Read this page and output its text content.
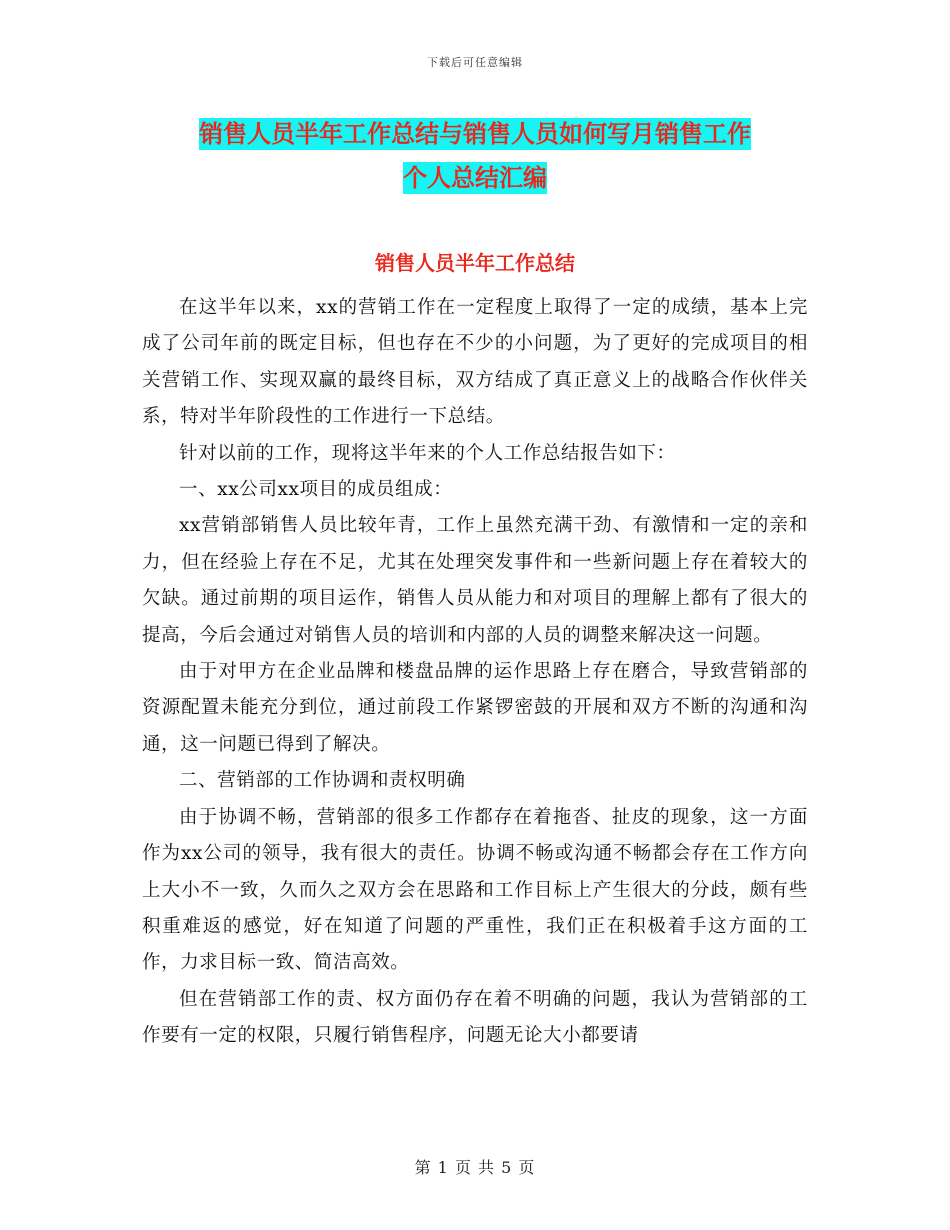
下载后可任意编辑
销售人员半年工作总结与销售人员如何写月销售工作
个人总结汇编
销售人员半年工作总结

在这半年以来，xx的营销工作在一定程度上取得了一定的成绩，基本上完成了公司年前的既定目标，但也存在不少的小问题，为了更好的完成项目的相关营销工作、实现双赢的最终目标，双方结成了真正意义上的战略合作伙伴关系，特对半年阶段性的工作进行一下总结。

针对以前的工作，现将这半年来的个人工作总结报告如下：

一、xx公司xx项目的成员组成：

xx营销部销售人员比较年青，工作上虽然充满干劲、有激情和一定的亲和力，但在经验上存在不足，尤其在处理突发事件和一些新问题上存在着较大的欠缺。通过前期的项目运作，销售人员从能力和对项目的理解上都有了很大的提高，今后会通过对销售人员的培训和内部的人员的调整来解决这一问题。

由于对甲方在企业品牌和楼盘品牌的运作思路上存在磨合，导致营销部的资源配置未能充分到位，通过前段工作紧锣密鼓的开展和双方不断的沟通和沟通，这一问题已得到了解决。

二、营销部的工作协调和责权明确

由于协调不畅，营销部的很多工作都存在着拖沓、扯皮的现象，这一方面作为xx公司的领导，我有很大的责任。协调不畅或沟通不畅都会存在工作方向上大小不一致，久而久之双方会在思路和工作目标上产生很大的分歧，颇有些积重难返的感觉，好在知道了问题的严重性，我们正在积极着手这方面的工作，力求目标一致、简洁高效。

但在营销部工作的责、权方面仍存在着不明确的问题，我认为营销部的工作要有一定的权限，只履行销售程序，问题无论大小都要请

第 1 页 共 5 页
